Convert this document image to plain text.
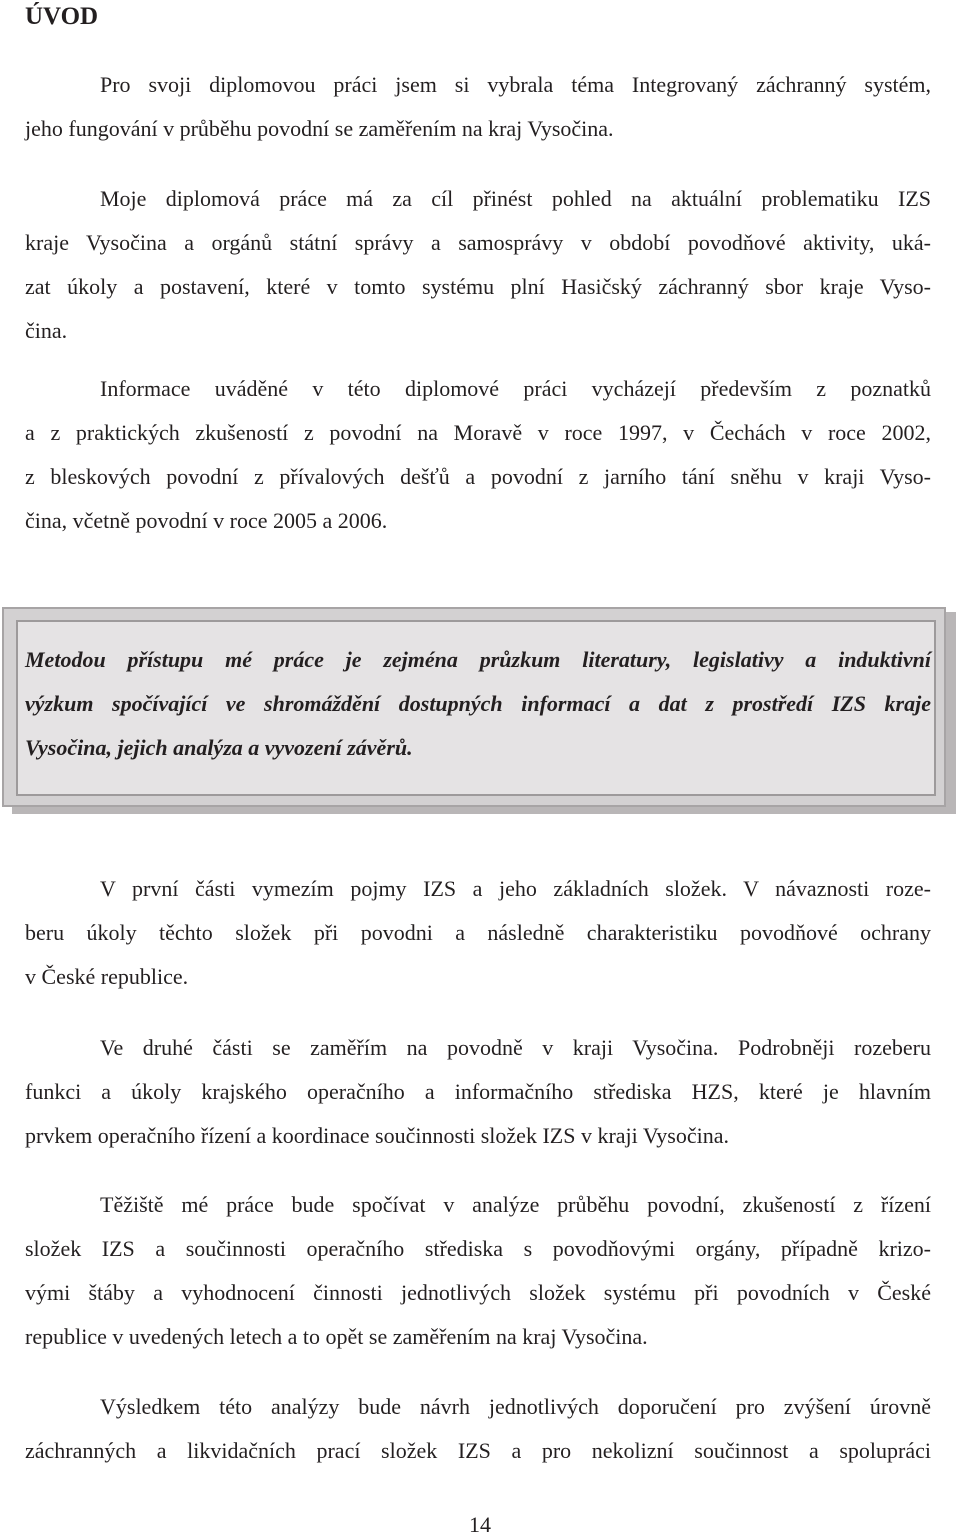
ÚVOD

Pro svoji diplomovou práci jsem si vybrala téma Integrovaný záchranný systém,
jeho fungování v průběhu povodní se zaměřením na kraj Vysočina.

Moje diplomová práce má za cíl přinést pohled na aktuální problematiku IZS
kraje Vysočina a orgánů státní správy a samosprávy v období povodňové aktivity, uká-
zat úkoly a postavení, které v tomto systému plní Hasičský záchranný sbor kraje Vyso-
čina.

Informace uváděné v této diplomové práci vycházejí především z poznatků
a z praktických zkušeností z povodní na Moravě v roce 1997, v Čechách v roce 2002,
z bleskových povodní z přívalových dešťů a povodní z jarního tání sněhu v kraji Vyso-
čina, včetně povodní v roce 2005 a 2006.

Metodou přístupu mé práce je zejména průzkum literatury, legislativy a induktivní
výzkum spočívající ve shromáždění dostupných informací a dat z prostředí IZS kraje
Vysočina, jejich analýza a vyvození závěrů.

V první části vymezím pojmy IZS a jeho základních složek. V návaznosti roze-
beru úkoly těchto složek při povodni a následně charakteristiku povodňové ochrany
v České republice.

Ve druhé části se zaměřím na povodně v kraji Vysočina. Podrobněji rozeberu
funkci a úkoly krajského operačního a informačního střediska HZS, které je hlavním
prvkem operačního řízení a koordinace součinnosti složek IZS v kraji Vysočina.

Těžiště mé práce bude spočívat v analýze průběhu povodní, zkušeností z řízení
složek IZS a součinnosti operačního střediska s povodňovými orgány, případně krizo-
vými štáby a vyhodnocení činnosti jednotlivých složek systému při povodních v České
republice v uvedených letech a to opět se zaměřením na kraj Vysočina.

Výsledkem této analýzy bude návrh jednotlivých doporučení pro zvýšení úrovně
záchranných a likvidačních prací složek IZS a pro nekolizní součinnost a spolupráci

14
